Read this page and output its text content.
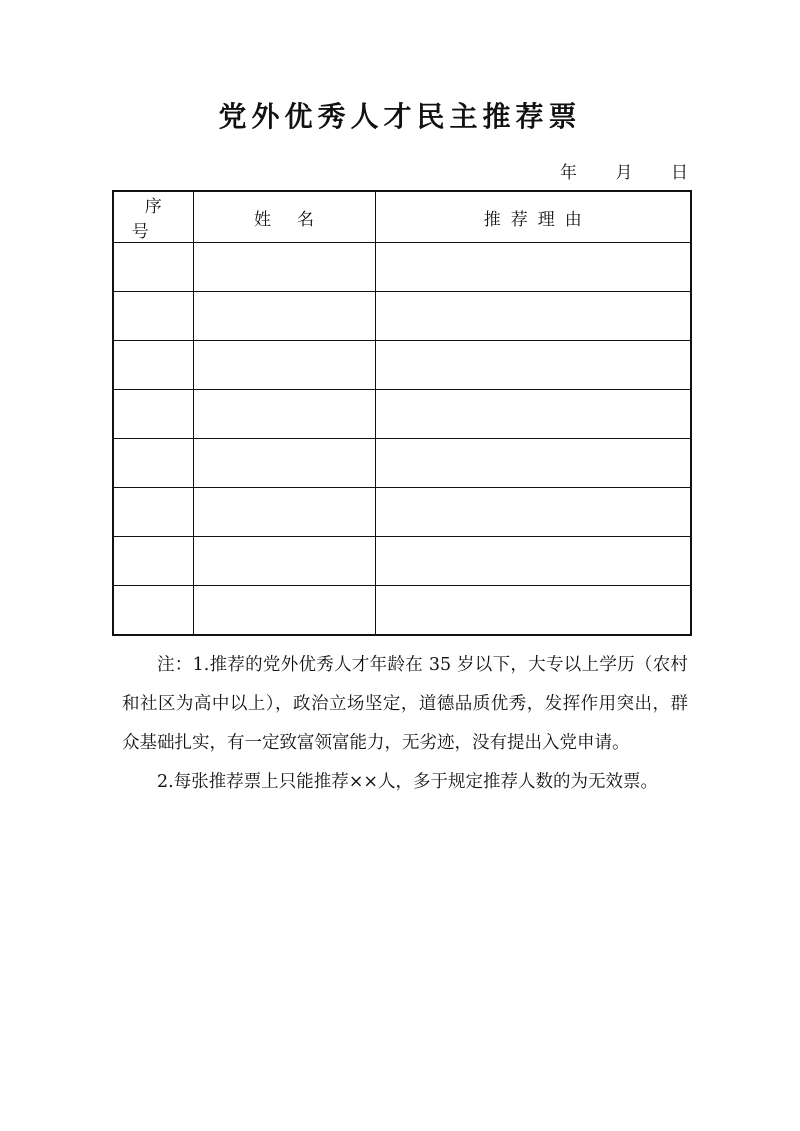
党外优秀人才民主推荐票
年 月 日
序号	姓名	推荐理由

注：1.推荐的党外优秀人才年龄在 35 岁以下，大专以上学历（农村和社区为高中以上），政治立场坚定，道德品质优秀，发挥作用突出，群众基础扎实，有一定致富领富能力，无劣迹，没有提出入党申请。

2.每张推荐票上只能推荐××人，多于规定推荐人数的为无效票。
